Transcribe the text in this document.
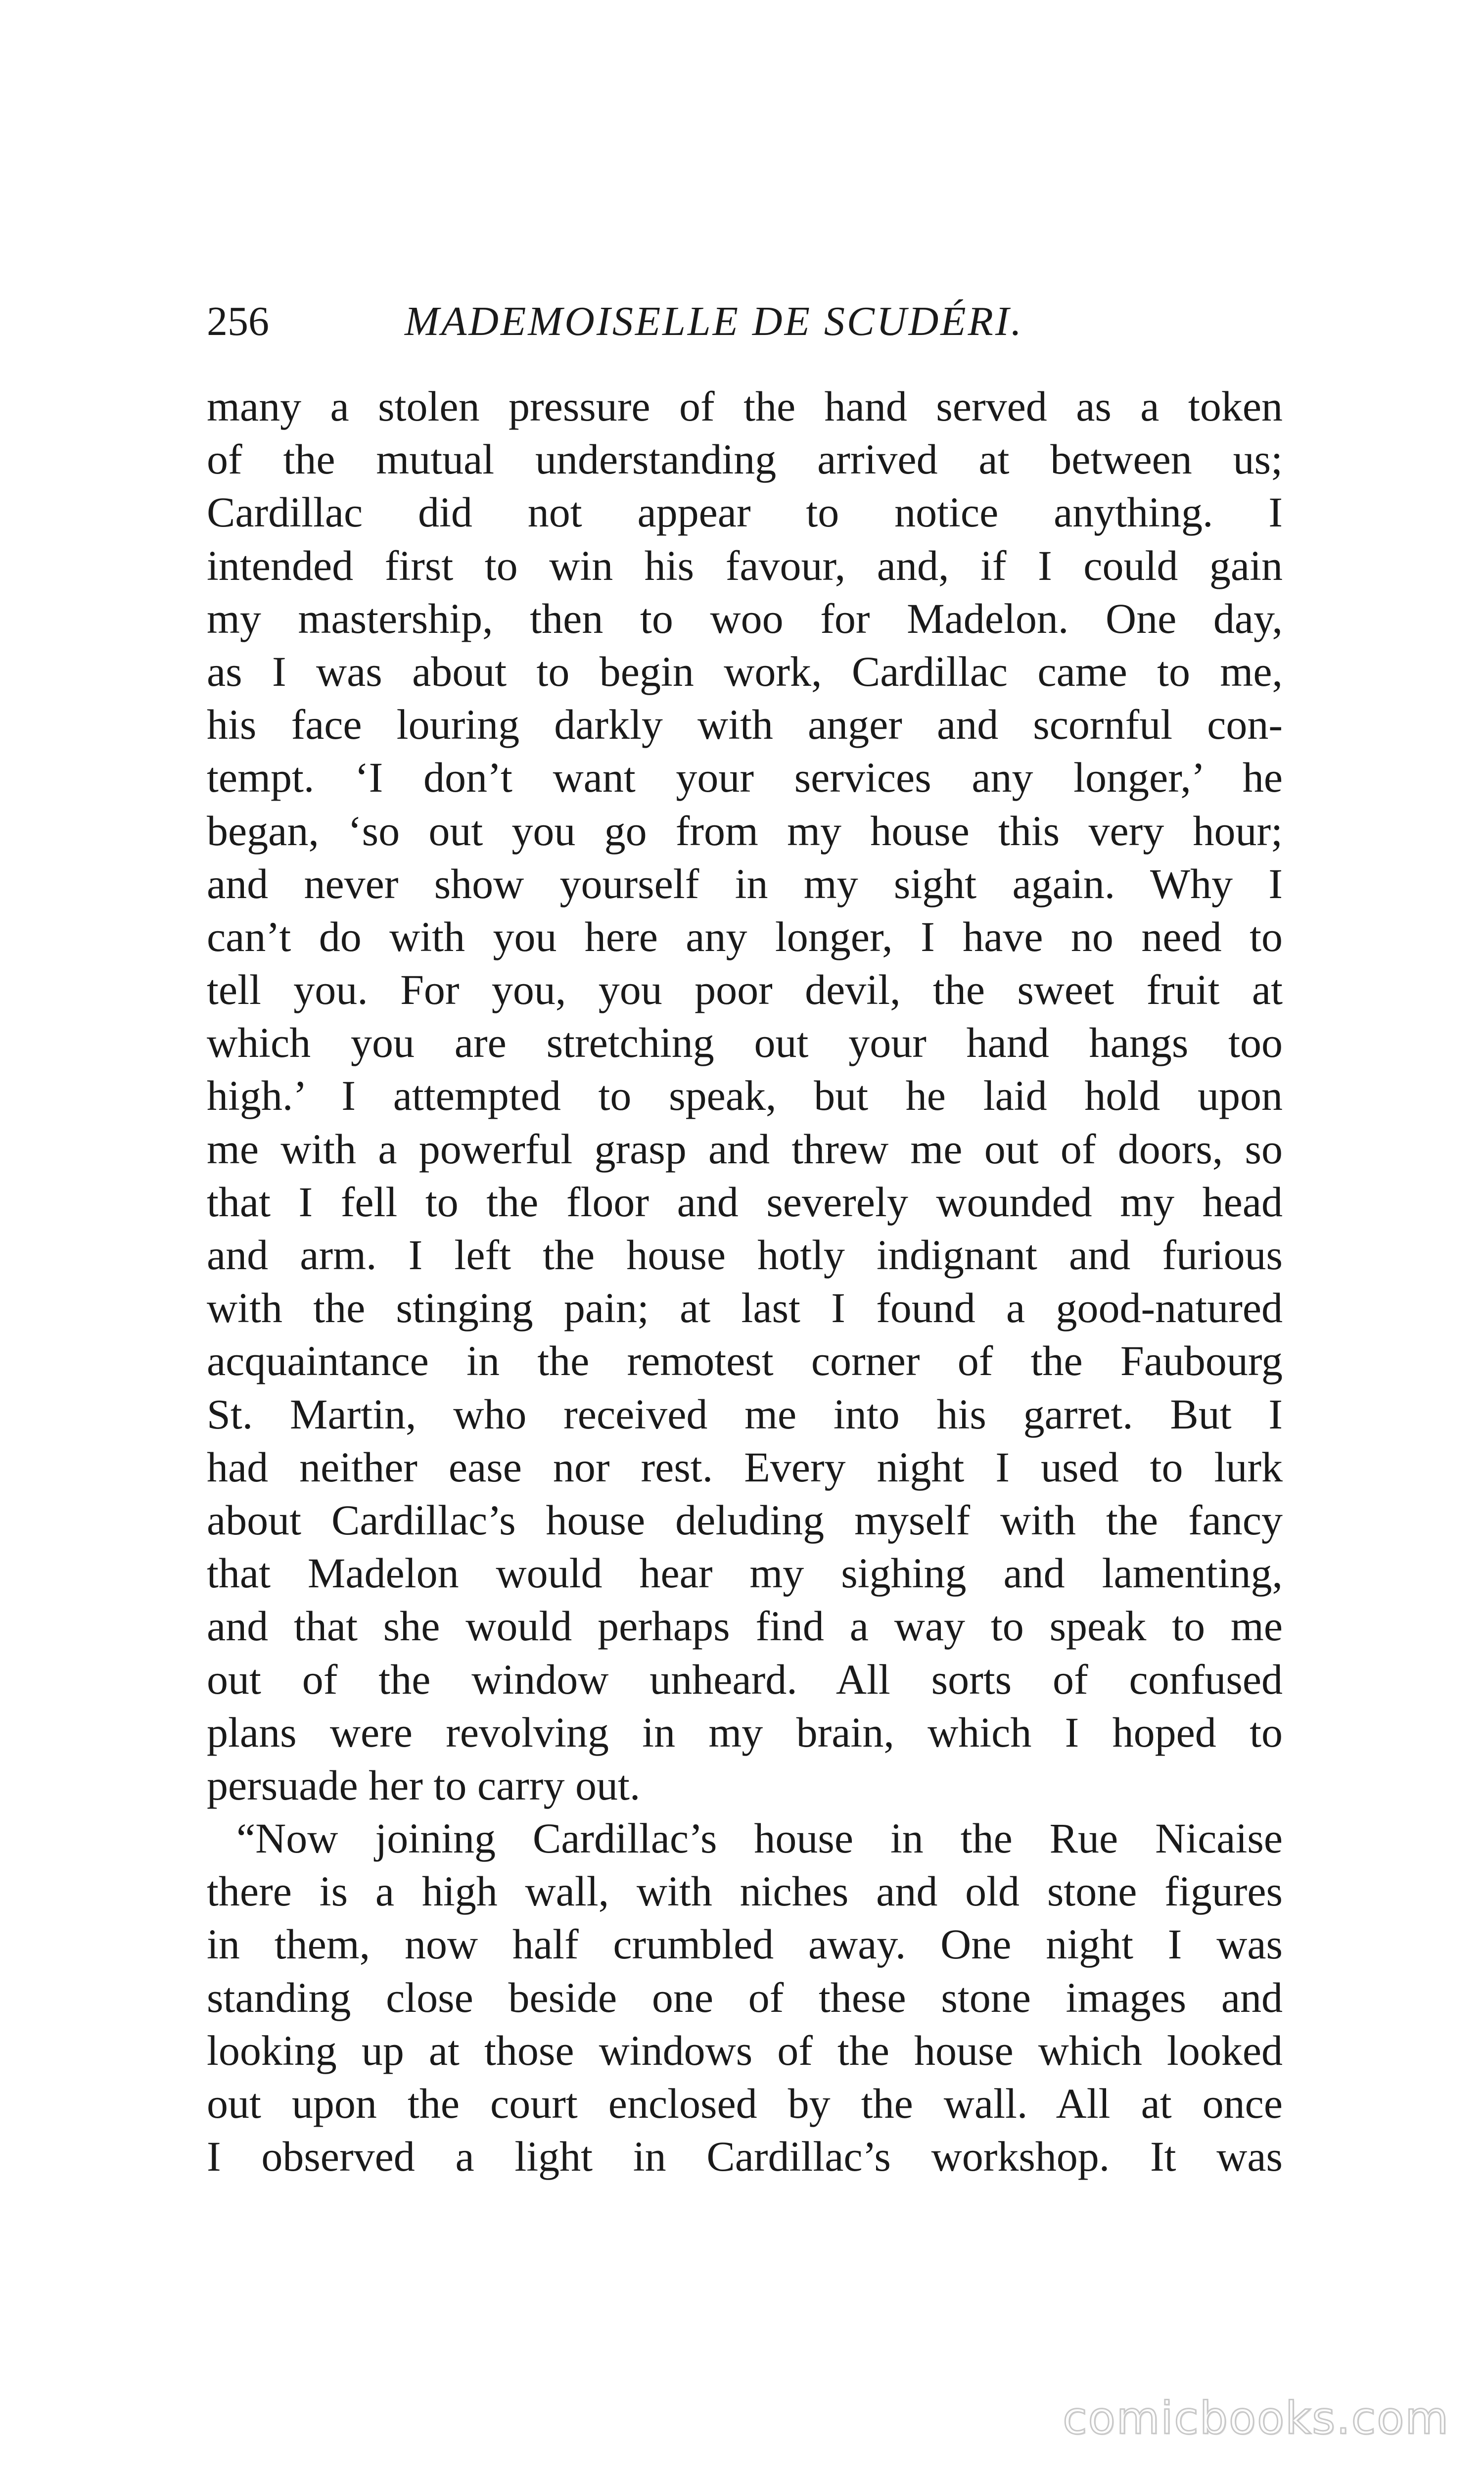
256	MADEMOISELLE DE SCUDÉRI.
many a stolen pressure of the hand served as a token
of the mutual understanding arrived at between us;
Cardillac did not appear to notice anything. I
intended first to win his favour, and, if I could gain
my mastership, then to woo for Madelon. One day,
as I was about to begin work, Cardillac came to me,
his face louring darkly with anger and scornful con-
tempt. ‘I don’t want your services any longer,’ he
began, ‘so out you go from my house this very hour;
and never show yourself in my sight again. Why I
can’t do with you here any longer, I have no need to
tell you. For you, you poor devil, the sweet fruit at
which you are stretching out your hand hangs too
high.’ I attempted to speak, but he laid hold upon
me with a powerful grasp and threw me out of doors, so
that I fell to the floor and severely wounded my head
and arm. I left the house hotly indignant and furious
with the stinging pain; at last I found a good-natured
acquaintance in the remotest corner of the Faubourg
St. Martin, who received me into his garret. But I
had neither ease nor rest. Every night I used to lurk
about Cardillac’s house deluding myself with the fancy
that Madelon would hear my sighing and lamenting,
and that she would perhaps find a way to speak to me
out of the window unheard. All sorts of confused
plans were revolving in my brain, which I hoped to
persuade her to carry out.
“Now joining Cardillac’s house in the Rue Nicaise
there is a high wall, with niches and old stone figures
in them, now half crumbled away. One night I was
standing close beside one of these stone images and
looking up at those windows of the house which looked
out upon the court enclosed by the wall. All at once
I observed a light in Cardillac’s workshop. It was
comicbooks.com
